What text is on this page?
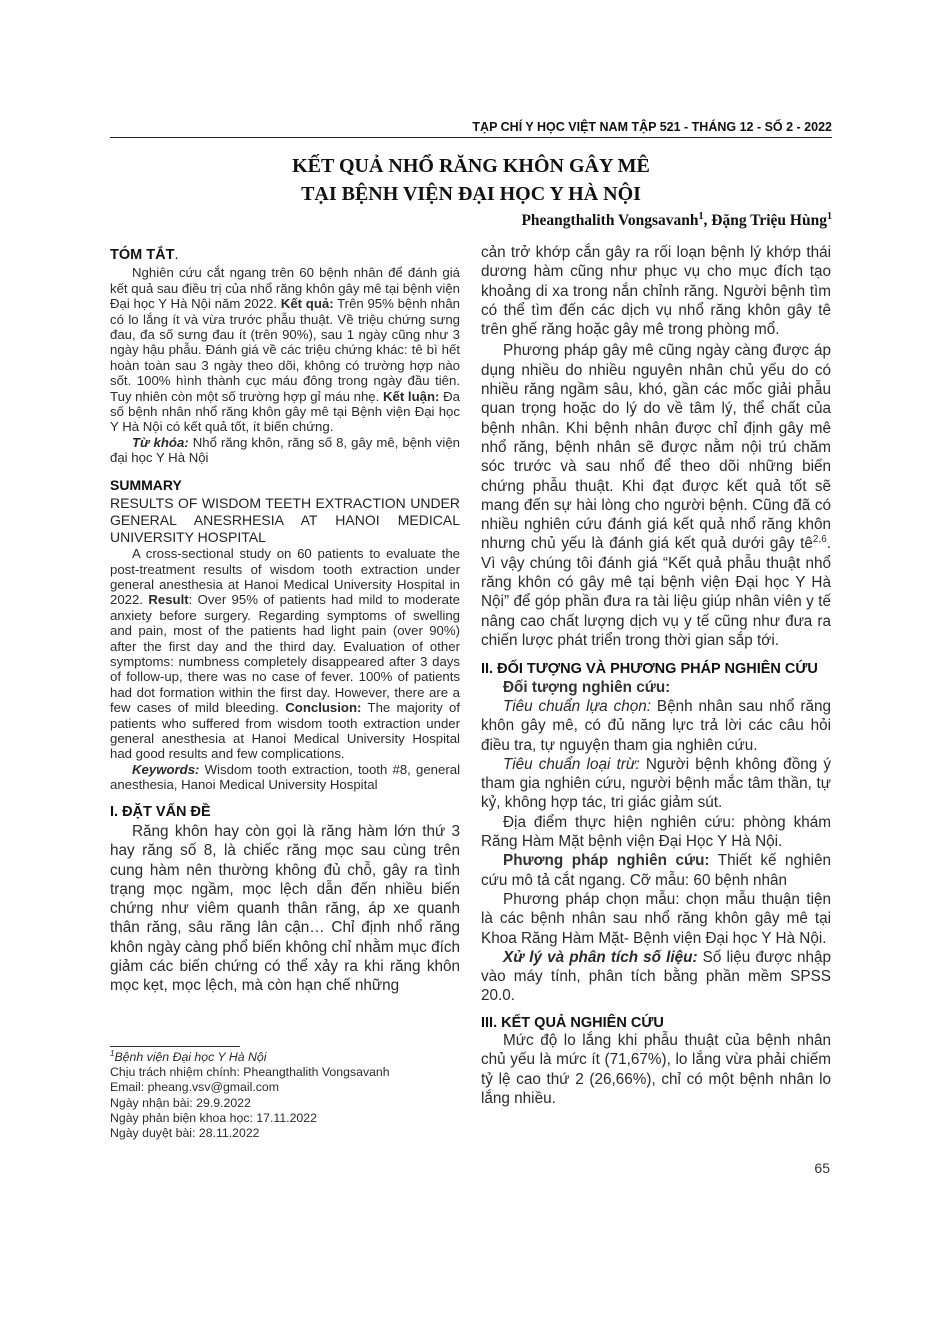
TẠP CHÍ Y HỌC VIỆT NAM TẬP 521 - THÁNG 12 - SỐ 2 - 2022
KẾT QUẢ NHỔ RĂNG KHÔN GÂY MÊ
TẠI BỆNH VIỆN ĐẠI HỌC Y HÀ NỘI
Pheangthalith Vongsavanh$^1$, Đặng Triệu Hùng$^1$

TÓM TẮT.

Nghiên cứu cắt ngang trên 60 bệnh nhân để đánh giá kết quả sau điều trị của nhổ răng khôn gây mê tại bệnh viện Đại học Y Hà Nội năm 2022. Kết quả: Trên 95% bệnh nhân có lo lắng ít và vừa trước phẫu thuật. Về triệu chứng sưng đau, đa số sưng đau ít (trên 90%), sau 1 ngày cũng như 3 ngày hậu phẫu. Đánh giá về các triệu chứng khác: tê bì hết hoàn toàn sau 3 ngày theo dõi, không có trường hợp nào sốt. 100% hình thành cục máu đông trong ngày đầu tiên. Tuy nhiên còn một số trường hợp gỉ máu nhẹ. Kết luận: Đa số bệnh nhân nhổ răng khôn gây mê tại Bệnh viện Đại học Y Hà Nội có kết quả tốt, ít biến chứng.

Từ khóa: Nhổ răng khôn, răng số 8, gây mê, bệnh viện đại học Y Hà Nội

SUMMARY

RESULTS OF WISDOM TEETH EXTRACTION UNDER GENERAL ANESRHESIA AT HANOI MEDICAL UNIVERSITY HOSPITAL

A cross-sectional study on 60 patients to evaluate the post-treatment results of wisdom tooth extraction under general anesthesia at Hanoi Medical University Hospital in 2022. Result: Over 95% of patients had mild to moderate anxiety before surgery. Regarding symptoms of swelling and pain, most of the patients had light pain (over 90%) after the first day and the third day. Evaluation of other symptoms: numbness completely disappeared after 3 days of follow-up, there was no case of fever. 100% of patients had dot formation within the first day. However, there are a few cases of mild bleeding. Conclusion: The majority of patients who suffered from wisdom tooth extraction under general anesthesia at Hanoi Medical University Hospital had good results and few complications.

Keywords: Wisdom tooth extraction, tooth #8, general anesthesia, Hanoi Medical University Hospital

I. ĐẶT VẤN ĐỀ

Răng khôn hay còn gọi là răng hàm lớn thứ 3 hay răng số 8, là chiếc răng mọc sau cùng trên cung hàm nên thường không đủ chỗ, gây ra tình trạng mọc ngầm, mọc lệch dẫn đến nhiều biến chứng như viêm quanh thân răng, áp xe quanh thân răng, sâu răng lân cận… Chỉ định nhổ răng khôn ngày càng phổ biến không chỉ nhằm mục đích giảm các biến chứng có thể xảy ra khi răng khôn mọc kẹt, mọc lệch, mà còn hạn chế những

$^1$Bệnh viện Đại học Y Hà Nội
Chịu trách nhiệm chính: Pheangthalith Vongsavanh
Email: pheang.vsv@gmail.com
Ngày nhận bài: 29.9.2022
Ngày phản biện khoa học: 17.11.2022
Ngày duyệt bài: 28.11.2022

cản trở khớp cắn gây ra rối loạn bệnh lý khớp thái dương hàm cũng như phục vụ cho mục đích tạo khoảng di xa trong nắn chỉnh răng. Người bệnh tìm có thể tìm đến các dịch vụ nhổ răng khôn gây tê trên ghế răng hoặc gây mê trong phòng mổ.

Phương pháp gây mê cũng ngày càng được áp dụng nhiều do nhiều nguyên nhân chủ yếu do có nhiều răng ngầm sâu, khó, gần các mốc giải phẫu quan trọng hoặc do lý do về tâm lý, thể chất của bệnh nhân. Khi bệnh nhân được chỉ định gây mê nhổ răng, bệnh nhân sẽ được nằm nội trú chăm sóc trước và sau nhổ để theo dõi những biến chứng phẫu thuật. Khi đạt được kết quả tốt sẽ mang đến sự hài lòng cho người bệnh. Cũng đã có nhiều nghiên cứu đánh giá kết quả nhổ răng khôn nhưng chủ yếu là đánh giá kết quả dưới gây tê$^{2,6}$. Vì vậy chúng tôi đánh giá “Kết quả phẫu thuật nhổ răng khôn có gây mê tại bệnh viện Đại học Y Hà Nội” để góp phần đưa ra tài liệu giúp nhân viên y tế nâng cao chất lượng dịch vụ y tế cũng như đưa ra chiến lược phát triển trong thời gian sắp tới.

II. ĐỐI TƯỢNG VÀ PHƯƠNG PHÁP NGHIÊN CỨU

Đối tượng nghiên cứu:

Tiêu chuẩn lựa chọn: Bệnh nhân sau nhổ răng khôn gây mê, có đủ năng lực trả lời các câu hỏi điều tra, tự nguyện tham gia nghiên cứu.

Tiêu chuẩn loại trừ: Người bệnh không đồng ý tham gia nghiên cứu, người bệnh mắc tâm thần, tự kỷ, không hợp tác, tri giác giảm sút.

Địa điểm thực hiện nghiên cứu: phòng khám Răng Hàm Mặt bệnh viện Đại Học Y Hà Nội.

Phương pháp nghiên cứu: Thiết kế nghiên cứu mô tả cắt ngang. Cỡ mẫu: 60 bệnh nhân

Phương pháp chọn mẫu: chọn mẫu thuận tiện là các bệnh nhân sau nhổ răng khôn gây mê tại Khoa Răng Hàm Mặt- Bệnh viện Đại học Y Hà Nội.

Xử lý và phân tích số liệu: Số liệu được nhập vào máy tính, phân tích bằng phần mềm SPSS 20.0.

III. KẾT QUẢ NGHIÊN CỨU

Mức độ lo lắng khi phẫu thuật của bệnh nhân chủ yếu là mức ít (71,67%), lo lắng vừa phải chiếm tỷ lệ cao thứ 2 (26,66%), chỉ có một bệnh nhân lo lắng nhiều.

65
